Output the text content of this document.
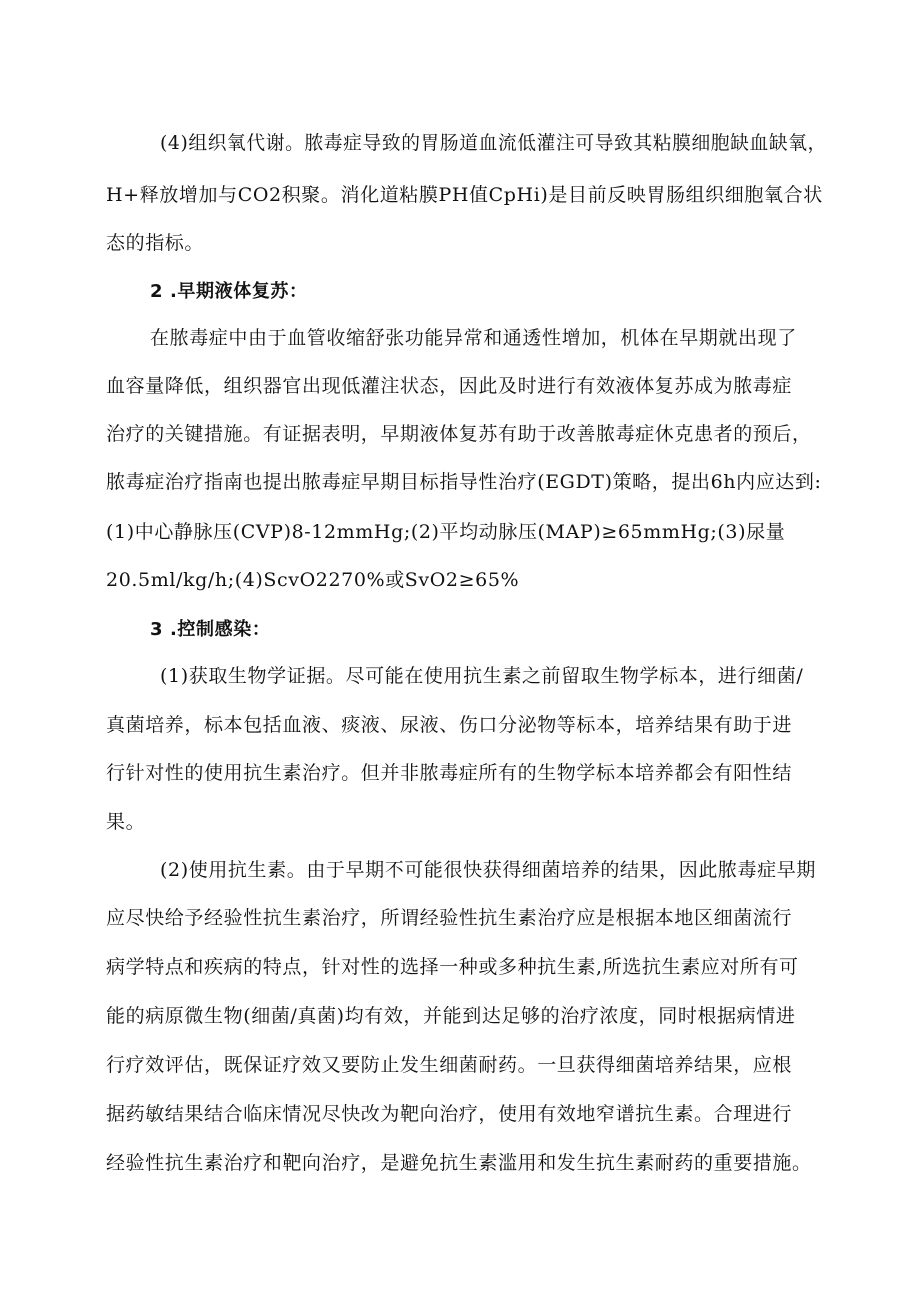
(4)组织氧代谢。脓毒症导致的胃肠道血流低灌注可导致其粘膜细胞缺血缺氧，
H+释放增加与CO2积聚。消化道粘膜PH值CpHi)是目前反映胃肠组织细胞氧合状
态的指标。
2 .早期液体复苏：
在脓毒症中由于血管收缩舒张功能异常和通透性增加，机体在早期就出现了
血容量降低，组织器官出现低灌注状态，因此及时进行有效液体复苏成为脓毒症
治疗的关键措施。有证据表明，早期液体复苏有助于改善脓毒症休克患者的预后，
脓毒症治疗指南也提出脓毒症早期目标指导性治疗(EGDT)策略，提出6h内应达到:
(1)中心静脉压(CVP)8-12mmHg;(2)平均动脉压(MAP)≥65mmHg;(3)尿量
20.5ml/kg/h;(4)ScvO2270%或SvO2≥65%
3 .控制感染：
(1)获取生物学证据。尽可能在使用抗生素之前留取生物学标本，进行细菌/
真菌培养，标本包括血液、痰液、尿液、伤口分泌物等标本，培养结果有助于进
行针对性的使用抗生素治疗。但并非脓毒症所有的生物学标本培养都会有阳性结
果。
(2)使用抗生素。由于早期不可能很快获得细菌培养的结果，因此脓毒症早期
应尽快给予经验性抗生素治疗，所谓经验性抗生素治疗应是根据本地区细菌流行
病学特点和疾病的特点，针对性的选择一种或多种抗生素,所选抗生素应对所有可
能的病原微生物(细菌/真菌)均有效，并能到达足够的治疗浓度，同时根据病情进
行疗效评估，既保证疗效又要防止发生细菌耐药。一旦获得细菌培养结果，应根
据药敏结果结合临床情况尽快改为靶向治疗，使用有效地窄谱抗生素。合理进行
经验性抗生素治疗和靶向治疗，是避免抗生素滥用和发生抗生素耐药的重要措施。
